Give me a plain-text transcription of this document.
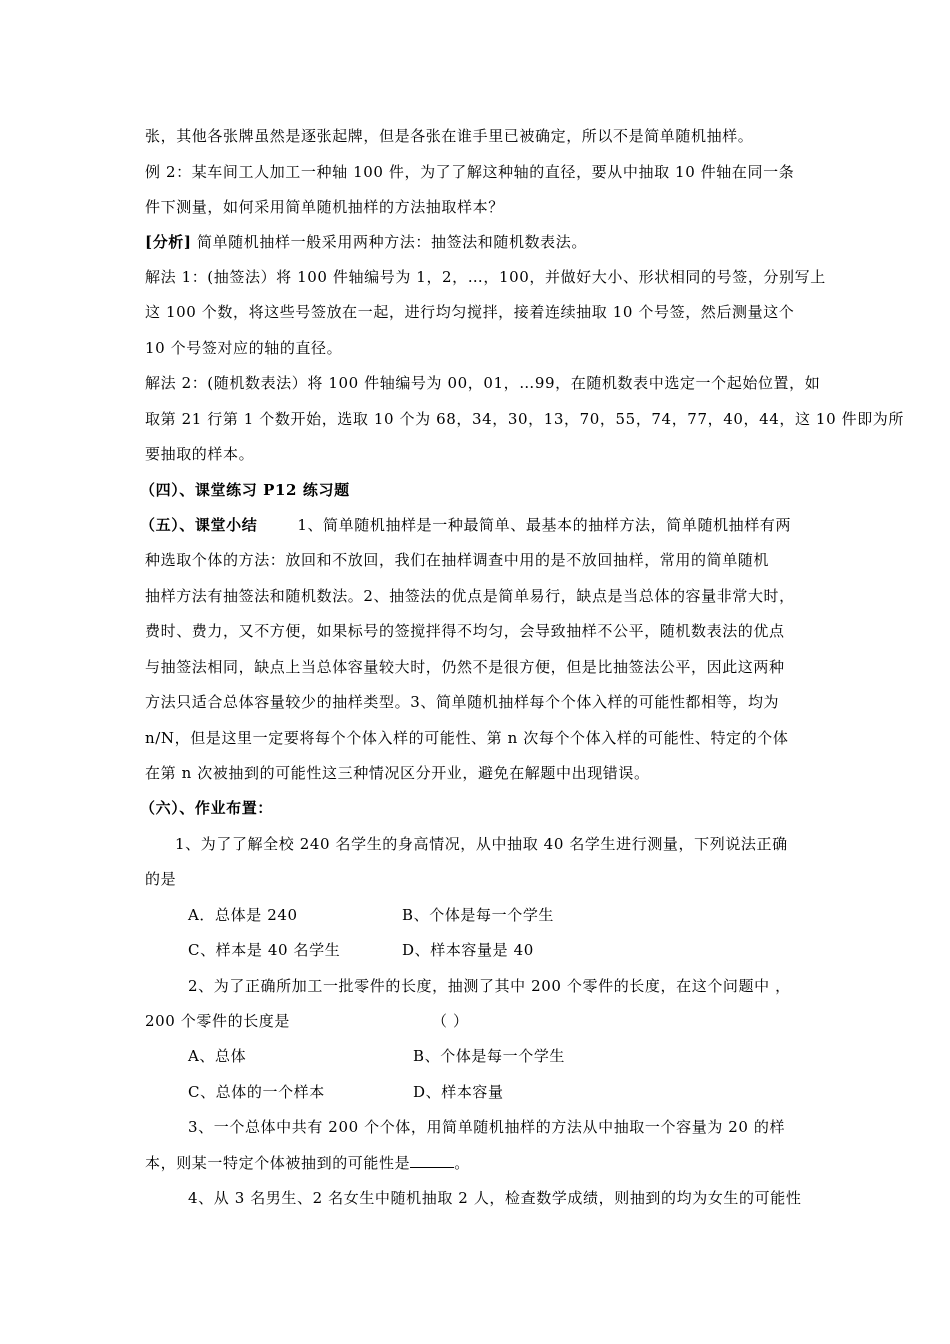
张，其他各张牌虽然是逐张起牌，但是各张在谁手里已被确定，所以不是简单随机抽样。
例 2：某车间工人加工一种轴 100 件，为了了解这种轴的直径，要从中抽取 10 件轴在同一条
件下测量，如何采用简单随机抽样的方法抽取样本？
[分析] 简单随机抽样一般采用两种方法：抽签法和随机数表法。
解法 1：(抽签法）将 100 件轴编号为 1，2，…，100，并做好大小、形状相同的号签，分别写上
这 100 个数，将这些号签放在一起，进行均匀搅拌，接着连续抽取 10 个号签，然后测量这个
10 个号签对应的轴的直径。
解法 2：(随机数表法）将 100 件轴编号为 00，01，…99，在随机数表中选定一个起始位置，如
取第 21 行第 1 个数开始，选取 10 个为 68，34，30，13，70，55，74，77，40，44，这 10 件即为所
要抽取的样本。
（四）、课堂练习 P12 练习题
（五）、课堂小结	1、简单随机抽样是一种最简单、最基本的抽样方法，简单随机抽样有两
种选取个体的方法：放回和不放回，我们在抽样调查中用的是不放回抽样，常用的简单随机
抽样方法有抽签法和随机数法。2、抽签法的优点是简单易行，缺点是当总体的容量非常大时，
费时、费力，又不方便，如果标号的签搅拌得不均匀，会导致抽样不公平，随机数表法的优点
与抽签法相同，缺点上当总体容量较大时，仍然不是很方便，但是比抽签法公平，因此这两种
方法只适合总体容量较少的抽样类型。3、简单随机抽样每个个体入样的可能性都相等，均为
n/N，但是这里一定要将每个个体入样的可能性、第 n 次每个个体入样的可能性、特定的个体
在第 n 次被抽到的可能性这三种情况区分开业，避免在解题中出现错误。
（六）、作业布置：
1、为了了解全校 240 名学生的身高情况，从中抽取 40 名学生进行测量，下列说法正确
的是
A．总体是 240	B、个体是每一个学生
C、样本是 40 名学生	D、样本容量是 40
2、为了正确所加工一批零件的长度，抽测了其中 200 个零件的长度，在这个问题中 ，
200 个零件的长度是	（ ）
A、总体	B、个体是每一个学生
C、总体的一个样本	D、样本容量
3、一个总体中共有 200 个个体，用简单随机抽样的方法从中抽取一个容量为 20 的样
本，则某一特定个体被抽到的可能性是	。
4、从 3 名男生、2 名女生中随机抽取 2 人，检查数学成绩，则抽到的均为女生的可能性
